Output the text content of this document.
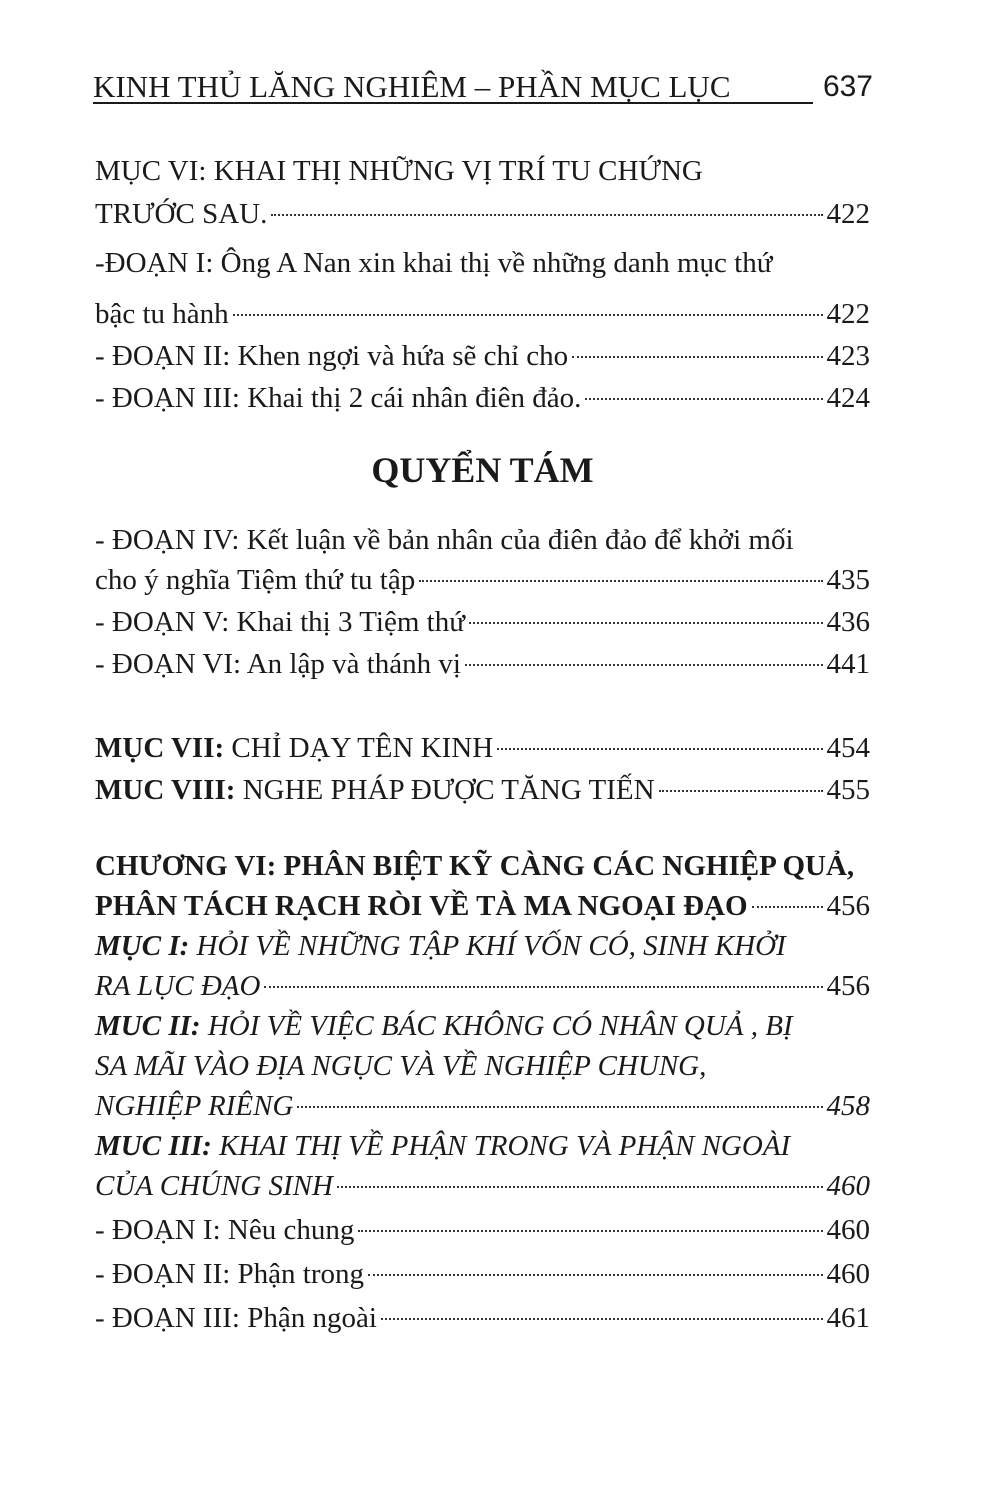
KINH THỦ LĂNG NGHIÊM – PHẦN MỤC LỤC	637
MỤC VI: KHAI THỊ NHỮNG VỊ TRÍ TU CHỨNG
TRƯỚC SAU.	422
-ĐOẠN I: Ông A Nan xin khai thị về những danh mục thứ
bậc tu hành	422
- ĐOẠN II: Khen ngợi và hứa sẽ chỉ cho	423
- ĐOẠN III: Khai thị 2 cái nhân điên đảo.	424
QUYỂN TÁM
- ĐOẠN IV: Kết luận về bản nhân của điên đảo để khởi mối
cho ý nghĩa Tiệm thứ tu tập	435
- ĐOẠN V: Khai thị 3 Tiệm thứ	436
- ĐOẠN VI: An lập và thánh vị	441
MỤC VII: CHỈ DẠY TÊN KINH	454
MUC VIII: NGHE PHÁP ĐƯỢC TĂNG TIẾN	455
CHƯƠNG VI: PHÂN BIỆT KỸ CÀNG CÁC NGHIỆP QUẢ,
PHÂN TÁCH RẠCH RÒI VỀ TÀ MA NGOẠI ĐẠO	456
MỤC I: HỎI VỀ NHỮNG TẬP KHÍ VỐN CÓ, SINH KHỞI
RA LỤC ĐẠO	456
MUC II: HỎI VỀ VIỆC BÁC KHÔNG CÓ NHÂN QUẢ , BỊ
SA MÃI VÀO ĐỊA NGỤC VÀ VỀ NGHIỆP CHUNG,
NGHIỆP RIÊNG	458
MUC III: KHAI THỊ VỀ PHẬN TRONG VÀ PHẬN NGOÀI
CỦA CHÚNG SINH	460
- ĐOẠN I: Nêu chung	460
- ĐOẠN II: Phận trong	460
- ĐOẠN III: Phận ngoài	461
